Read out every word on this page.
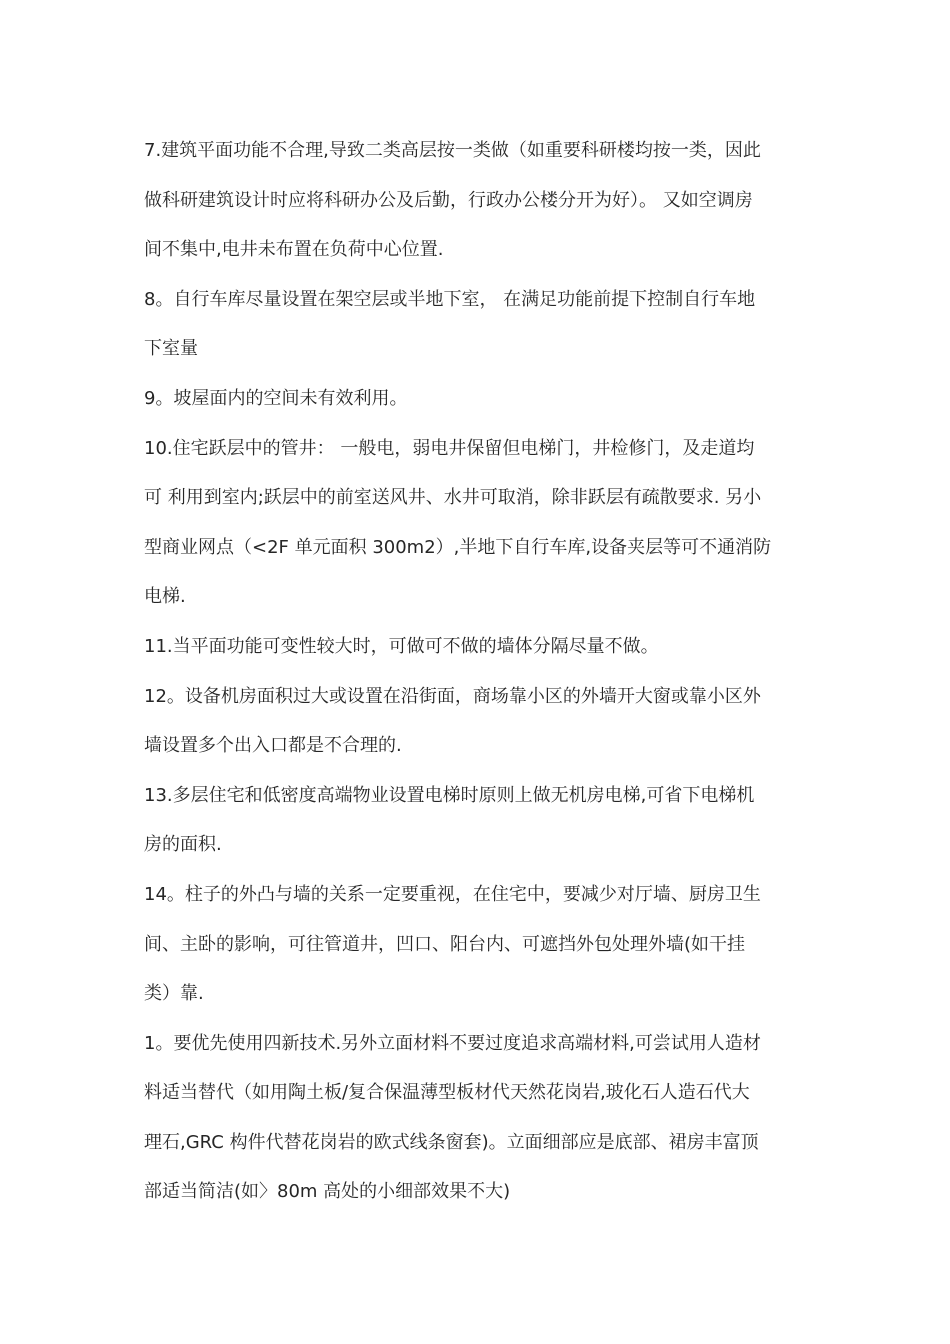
7.建筑平面功能不合理,导致二类高层按一类做（如重要科研楼均按一类，因此
做科研建筑设计时应将科研办公及后勤，行政办公楼分开为好）。 又如空调房
间不集中,电井未布置在负荷中心位置.
8。自行车库尽量设置在架空层或半地下室， 在满足功能前提下控制自行车地
下室量
9。坡屋面内的空间未有效利用。
10.住宅跃层中的管井： 一般电，弱电井保留但电梯门，井检修门，及走道均
可 利用到室内;跃层中的前室送风井、水井可取消，除非跃层有疏散要求. 另小
型商业网点（<2F 单元面积 300m2）,半地下自行车库,设备夹层等可不通消防
电梯.
11.当平面功能可变性较大时，可做可不做的墙体分隔尽量不做。
12。设备机房面积过大或设置在沿街面，商场靠小区的外墙开大窗或靠小区外
墙设置多个出入口都是不合理的.
13.多层住宅和低密度高端物业设置电梯时原则上做无机房电梯,可省下电梯机
房的面积.
14。柱子的外凸与墙的关系一定要重视，在住宅中，要减少对厅墙、厨房卫生
间、主卧的影响，可往管道井，凹口、阳台内、可遮挡外包处理外墙(如干挂
类）靠.
1。要优先使用四新技术.另外立面材料不要过度追求高端材料,可尝试用人造材
料适当替代（如用陶土板/复合保温薄型板材代天然花岗岩,玻化石人造石代大
理石,GRC 构件代替花岗岩的欧式线条窗套)。立面细部应是底部、裙房丰富顶
部适当简洁(如〉80m 高处的小细部效果不大)
